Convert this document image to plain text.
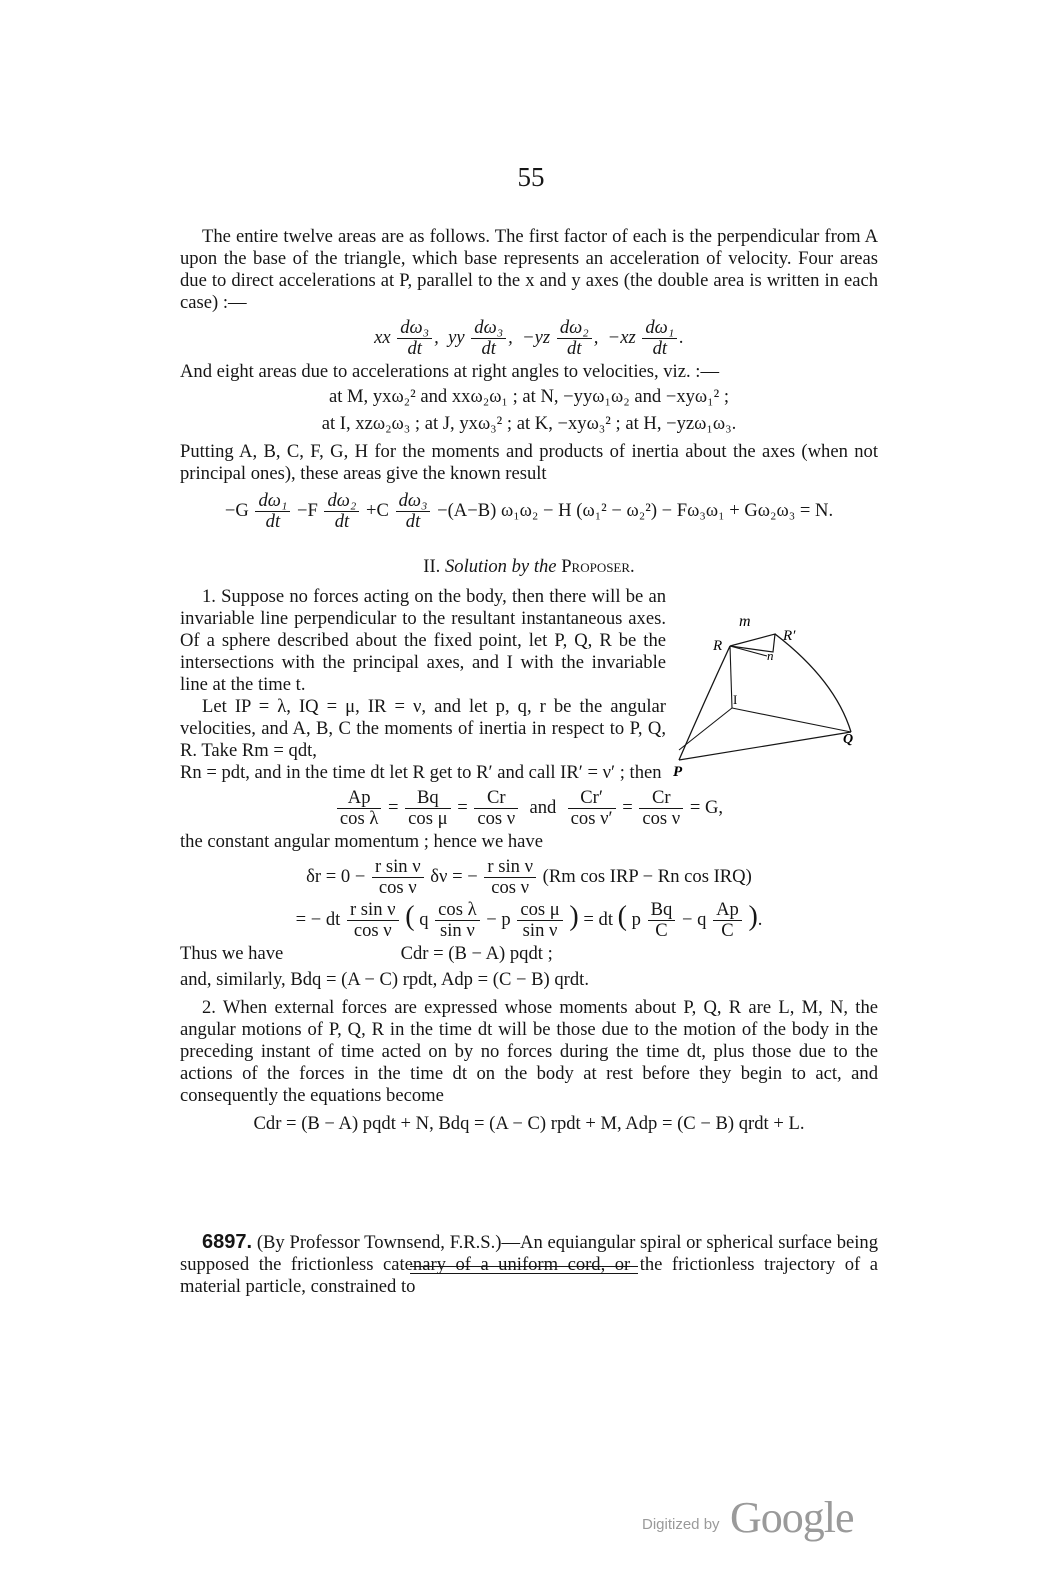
55

The entire twelve areas are as follows. The first factor of each is the perpendicular from A upon the base of the triangle, which base represents an acceleration of velocity. Four areas due to direct accelerations at P, parallel to the x and y axes (the double area is written in each case) :—

xx $\frac{\text{dω₃}}{dt}$ ,  yy $\frac{\text{dω₃}}{dt}$ ,  $-yz \frac{\text{dω₂}}{dt}$ ,  $-xz \frac{\text{dω₁}}{dt}$ .

And eight areas due to accelerations at right angles to velocities, viz. :—

at M, yxω₂² and xxω₂ω₁ ; at N, −yyω₁ω₂ and −xyω₁² ;

at I, xzω₂ω₃ ; at J, yxω₃² ; at K, −xyω₃² ; at H, −yzω₁ω₃.

Putting A, B, C, F, G, H for the moments and products of inertia about the axes (when not principal ones), these areas give the known result

$-G \frac{\text{dω₁}}{dt} -F \frac{\text{dω₂}}{dt} +C \frac{\text{dω₃}}{dt} -(A-B) \omega_1\omega_2 - H$ (ω₁² − ω₂²) − Fω₃ω₁ + Gω₂ω₃ = N.

II. Solution by the Proposer.

1. Suppose no forces acting on the body, then there will be an invariable line perpendicular to the resultant instantaneous axes. Of a sphere described about the fixed point, let P, Q, R be the intersections with the principal axes, and I with the invariable line at the time t.

Let IP = λ, IQ = μ, IR = ν, and let p, q, r be the angular velocities, and A, B, C the moments of inertia in respect to P, Q, R. Take Rm = qdt,

Rn = pdt, and in the time dt let R get to R′ and call IR′ = ν′ ; then

$\frac{Ap}{\text{cos λ}} = \frac{Bq}{\text{cos μ}} = \frac{Cr}{\text{cos ν}}$ and $\frac{Cr'}{\text{cos ν′}} = \frac{Cr}{\text{cos ν}} = G$,

the constant angular momentum ; hence we have

$\delta r = 0 - \frac{\text{r sin ν}}{\text{cos ν}}$ δν = − $\frac{\text{r sin ν}}{\text{cos ν}} (Rm$ cos IRP − Rn cos IRQ)

= − dt $\frac{\text{r sin ν}}{\text{cos ν}}$ ( q $\frac{\text{cos λ}}{\text{sin ν}} - p \frac{\text{cos μ}}{\text{sin ν}}$ ) = dt ( p $\frac{Bq}{C} - q \frac{Ap}{C}$ ).

Thus we have	Cdr = (B − A) pqdt ;

and, similarly, Bdq = (A − C) rpdt, Adp = (C − B) qrdt.

2. When external forces are expressed whose moments about P, Q, R are L, M, N, the angular motions of P, Q, R in the time dt will be those due to the motion of the body in the preceding instant of time acted on by no forces during the time dt, plus those due to the actions of the forces in the time dt on the body at rest before they begin to act, and consequently the equations become

Cdr = (B − A) pqdt + N, Bdq = (A − C) rpdt + M, Adp = (C − B) qrdt + L.

6897. (By Professor Townsend, F.R.S.)—An equiangular spiral or spherical surface being supposed the frictionless catenary of a uniform cord, or the frictionless trajectory of a material particle, constrained to

m
R
R′
n
I
Q
P
Digitized by Google
